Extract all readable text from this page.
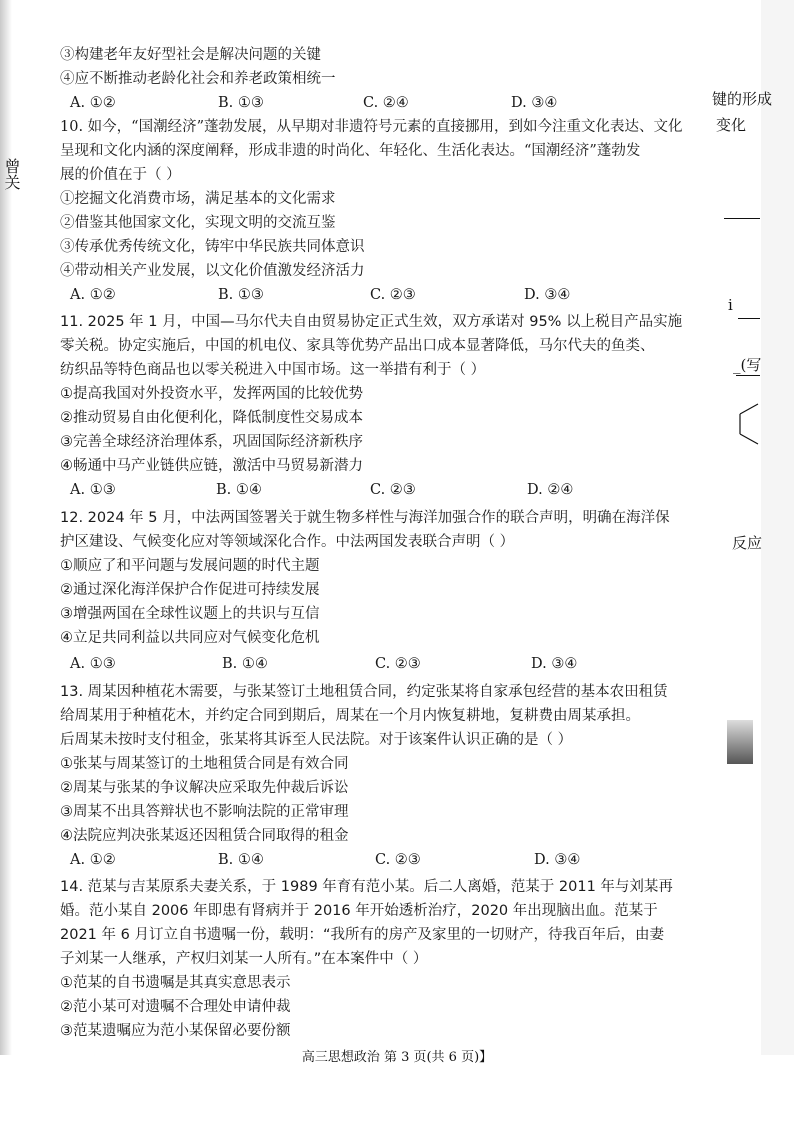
曾关
键的形成
变化
i
_(写
反应
③构建老年友好型社会是解决问题的关键
④应不断推动老龄化社会和养老政策相统一
A. ①②	B. ①③	C. ②④	D. ③④
10. 如今，“国潮经济”蓬勃发展，从早期对非遗符号元素的直接挪用，到如今注重文化表达、文化
呈现和文化内涵的深度阐释，形成非遗的时尚化、年轻化、生活化表达。“国潮经济”蓬勃发
展的价值在于（ ）
①挖掘文化消费市场，满足基本的文化需求
②借鉴其他国家文化，实现文明的交流互鉴
③传承优秀传统文化，铸牢中华民族共同体意识
④带动相关产业发展，以文化价值激发经济活力
A. ①②	B. ①③	C. ②③	D. ③④
11. 2025 年 1 月，中国—马尔代夫自由贸易协定正式生效，双方承诺对 95% 以上税目产品实施
零关税。协定实施后，中国的机电仪、家具等优势产品出口成本显著降低，马尔代夫的鱼类、
纺织品等特色商品也以零关税进入中国市场。这一举措有利于（ ）
①提高我国对外投资水平，发挥两国的比较优势
②推动贸易自由化便利化，降低制度性交易成本
③完善全球经济治理体系，巩固国际经济新秩序
④畅通中马产业链供应链，激活中马贸易新潜力
A. ①③	B. ①④	C. ②③	D. ②④
12. 2024 年 5 月，中法两国签署关于就生物多样性与海洋加强合作的联合声明，明确在海洋保
护区建设、气候变化应对等领域深化合作。中法两国发表联合声明（ ）
①顺应了和平问题与发展问题的时代主题
②通过深化海洋保护合作促进可持续发展
③增强两国在全球性议题上的共识与互信
④立足共同利益以共同应对气候变化危机
A. ①③	B. ①④	C. ②③	D. ③④
13. 周某因种植花木需要，与张某签订土地租赁合同，约定张某将自家承包经营的基本农田租赁
给周某用于种植花木，并约定合同到期后，周某在一个月内恢复耕地，复耕费由周某承担。
后周某未按时支付租金，张某将其诉至人民法院。对于该案件认识正确的是（ ）
①张某与周某签订的土地租赁合同是有效合同
②周某与张某的争议解决应采取先仲裁后诉讼
③周某不出具答辩状也不影响法院的正常审理
④法院应判决张某返还因租赁合同取得的租金
A. ①②	B. ①④	C. ②③	D. ③④
14. 范某与吉某原系夫妻关系，于 1989 年育有范小某。后二人离婚，范某于 2011 年与刘某再
婚。范小某自 2006 年即患有肾病并于 2016 年开始透析治疗，2020 年出现脑出血。范某于
2021 年 6 月订立自书遗嘱一份，载明：“我所有的房产及家里的一切财产，待我百年后，由妻
子刘某一人继承，产权归刘某一人所有。”在本案件中（ ）
①范某的自书遗嘱是其真实意思表示
②范小某可对遗嘱不合理处申请仲裁
③范某遗嘱应为范小某保留必要份额
高三思想政治 第 3 页(共 6 页)】
